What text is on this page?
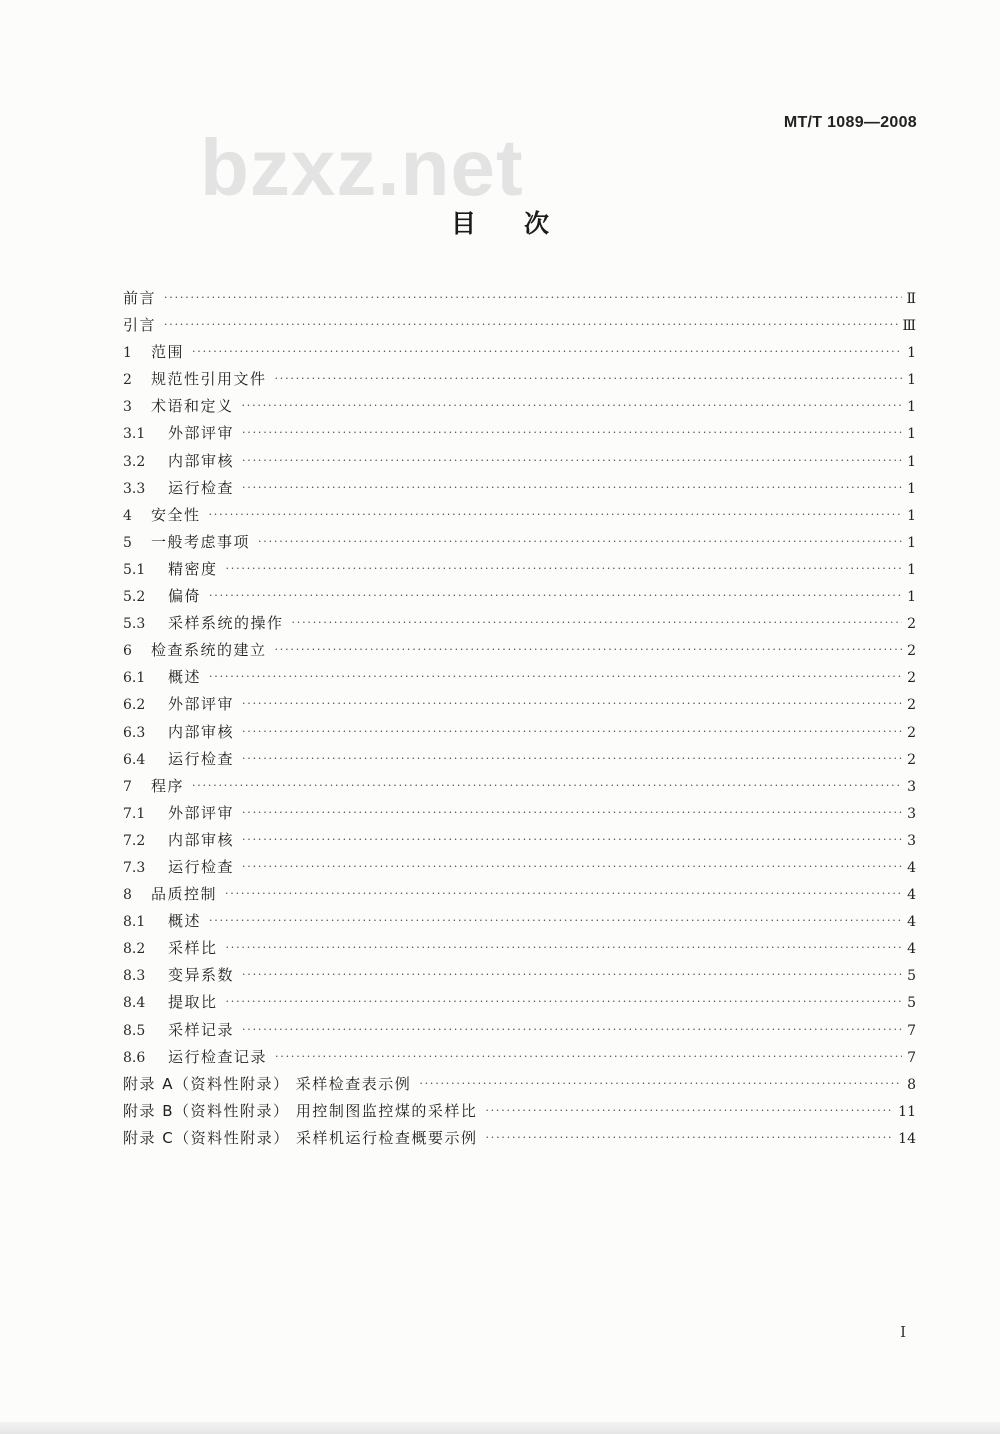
bzxz.net
MT/T 1089—2008
目次
前言 ·····	Ⅱ
引言 ·····	Ⅲ
1	范围 ·····	1
2	规范性引用文件 ·····	1
3	术语和定义 ·····	1
3.1	外部评审 ·····	1
3.2	内部审核 ·····	1
3.3	运行检查 ·····	1
4	安全性 ·····	1
5	一般考虑事项 ·····	1
5.1	精密度 ·····	1
5.2	偏倚 ·····	1
5.3	采样系统的操作 ·····	2
6	检查系统的建立 ·····	2
6.1	概述 ·····	2
6.2	外部评审 ·····	2
6.3	内部审核 ·····	2
6.4	运行检查 ·····	2
7	程序 ·····	3
7.1	外部评审 ·····	3
7.2	内部审核 ·····	3
7.3	运行检查 ·····	4
8	品质控制 ·····	4
8.1	概述 ·····	4
8.2	采样比 ·····	4
8.3	变异系数 ·····	5
8.4	提取比 ·····	5
8.5	采样记录 ·····	7
8.6	运行检查记录 ·····	7
附录 A（资料性附录） 采样检查表示例 ·····	8
附录 B（资料性附录） 用控制图监控煤的采样比 ·····	11
附录 C（资料性附录） 采样机运行检查概要示例 ·····	14
I
